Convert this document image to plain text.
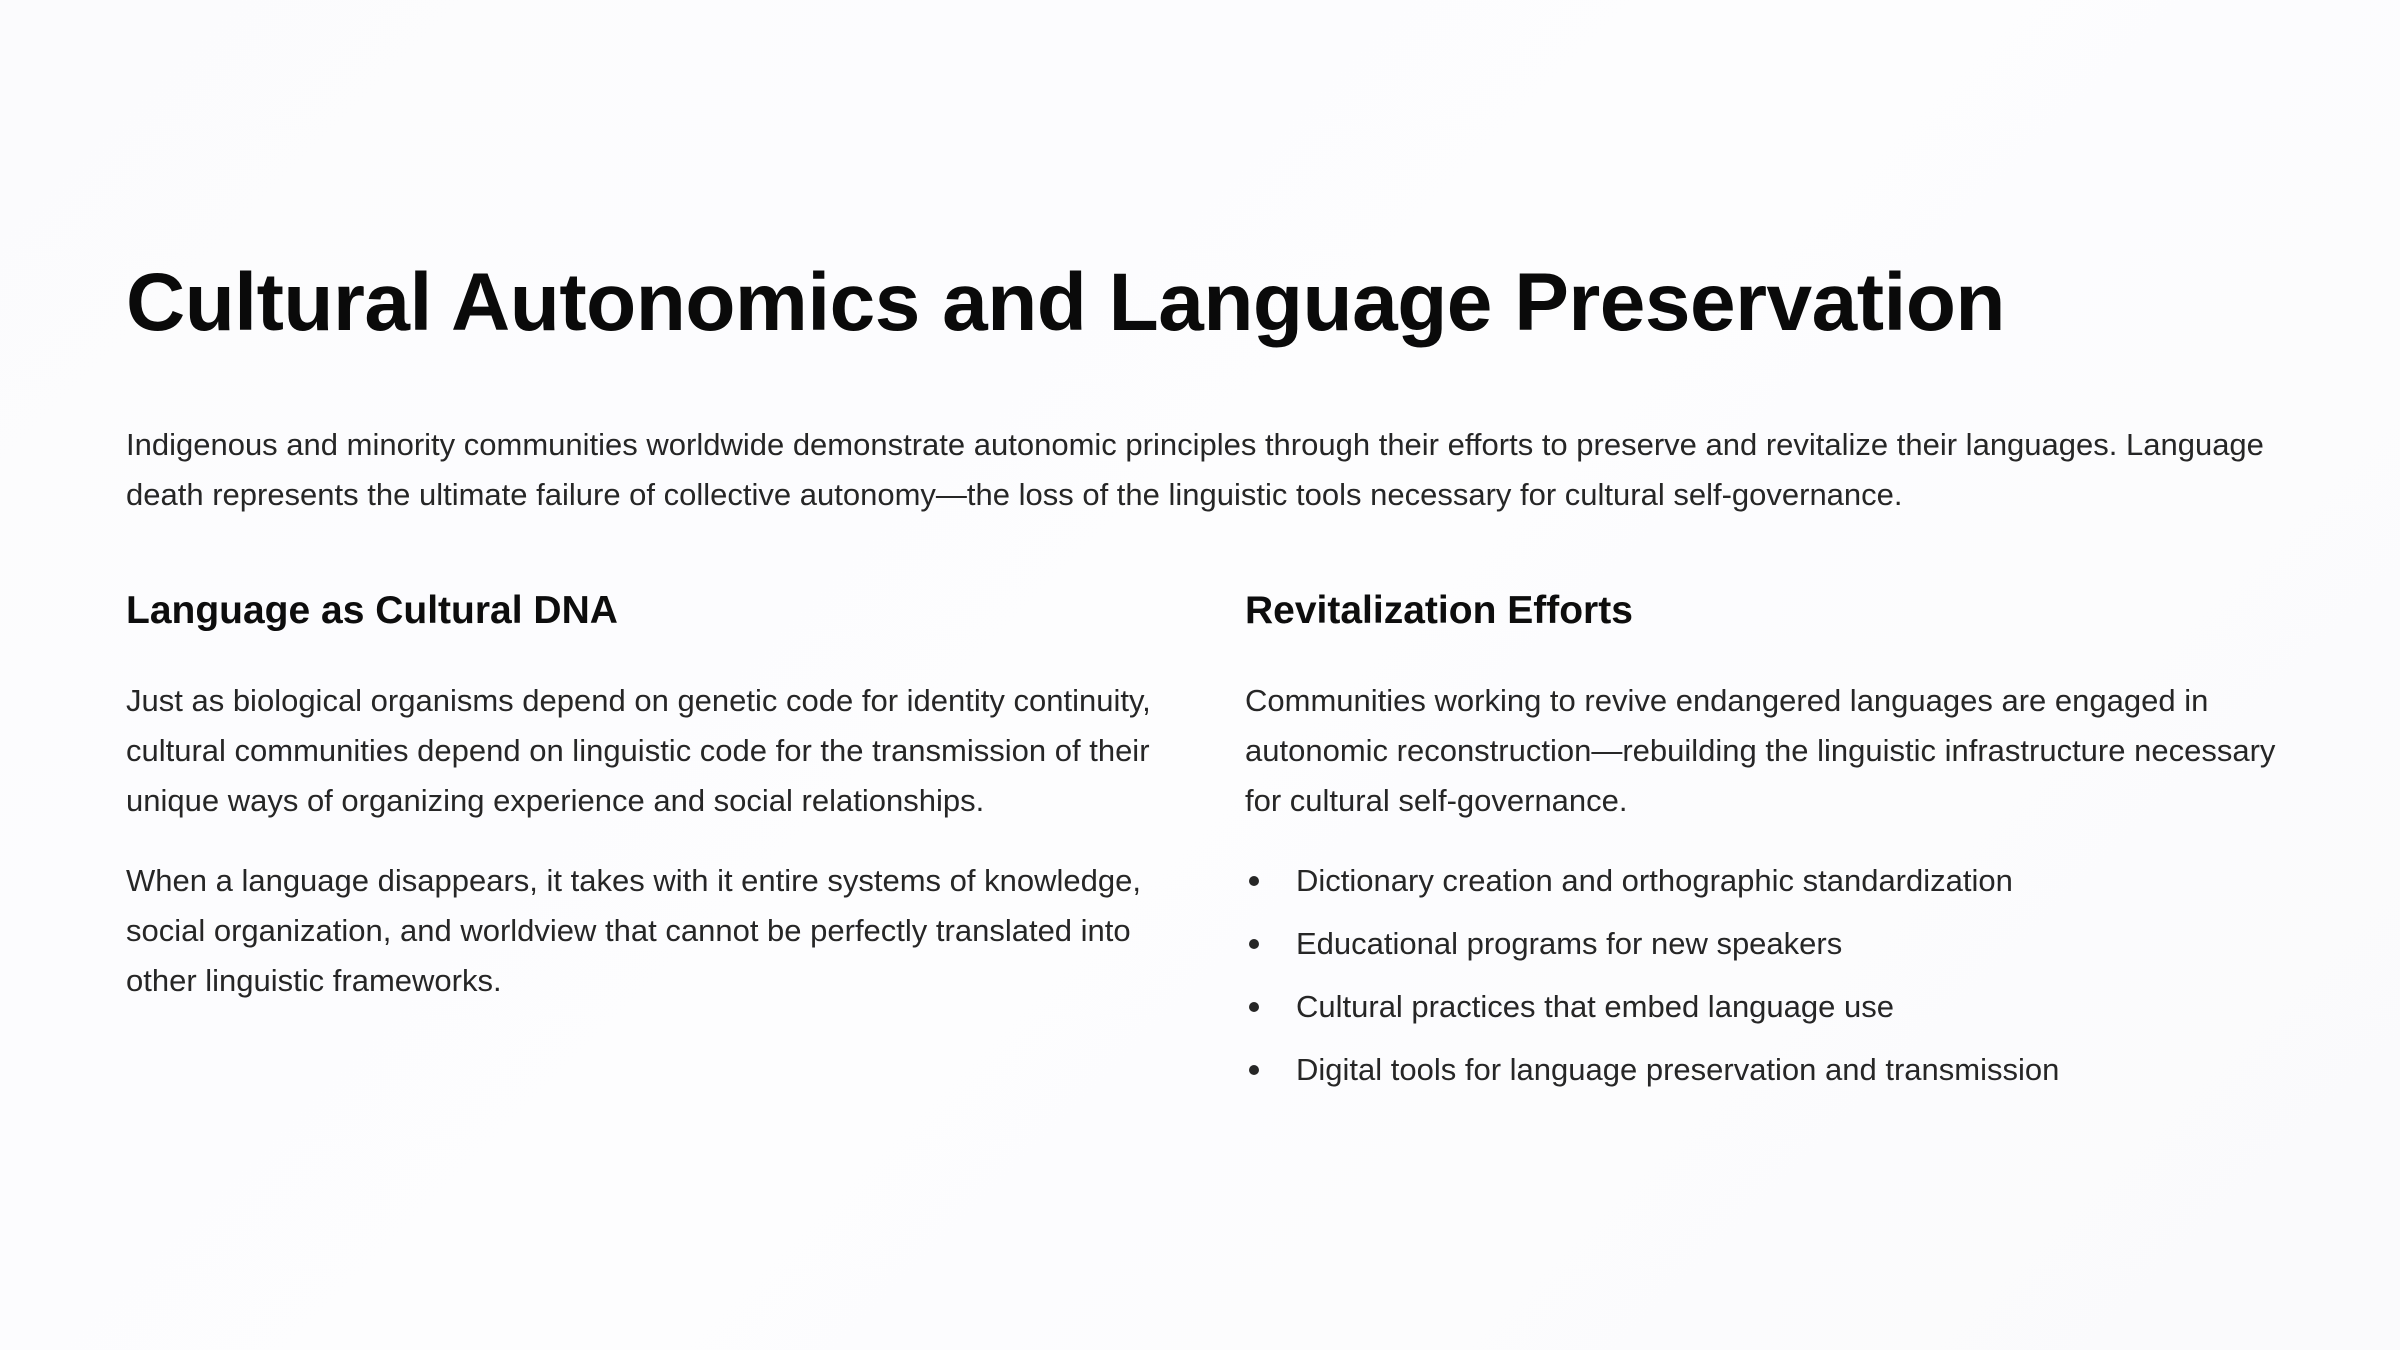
Cultural Autonomics and Language Preservation

Indigenous and minority communities worldwide demonstrate autonomic principles through their efforts to preserve and revitalize their languages. Language death represents the ultimate failure of collective autonomy—the loss of the linguistic tools necessary for cultural self-governance.

Language as Cultural DNA

Just as biological organisms depend on genetic code for identity continuity, cultural communities depend on linguistic code for the transmission of their unique ways of organizing experience and social relationships.

When a language disappears, it takes with it entire systems of knowledge, social organization, and worldview that cannot be perfectly translated into other linguistic frameworks.

Revitalization Efforts

Communities working to revive endangered languages are engaged in autonomic reconstruction—rebuilding the linguistic infrastructure necessary for cultural self-governance.

Dictionary creation and orthographic standardization
Educational programs for new speakers
Cultural practices that embed language use
Digital tools for language preservation and transmission
